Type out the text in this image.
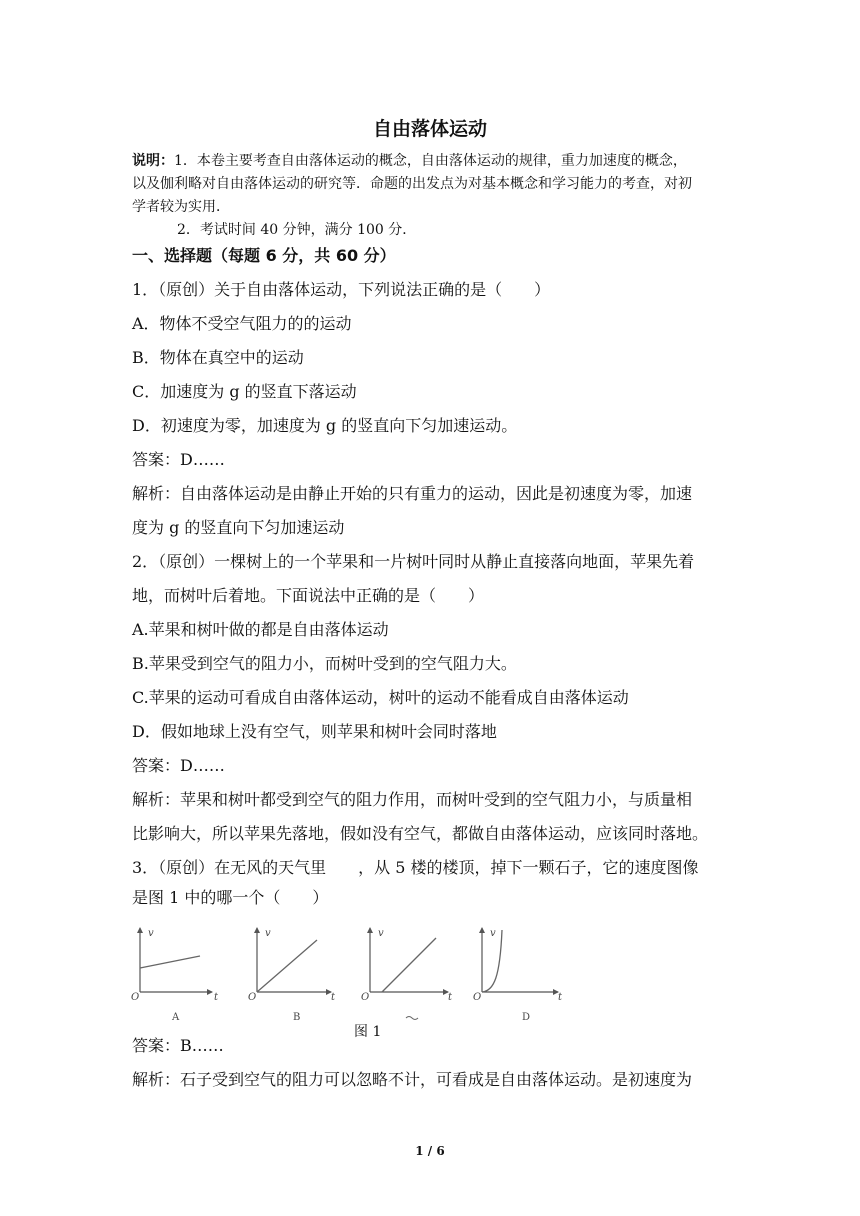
自由落体运动
说明：1．本卷主要考查自由落体运动的概念，自由落体运动的规律，重力加速度的概念，
以及伽利略对自由落体运动的研究等．命题的出发点为对基本概念和学习能力的考查，对初
学者较为实用．
2．考试时间 40 分钟，满分 100 分．
一、选择题（每题 6 分，共 60 分）
1．（原创）关于自由落体运动，下列说法正确的是（　　）
A．物体不受空气阻力的的运动
B．物体在真空中的运动
C．加速度为 g 的竖直下落运动
D．初速度为零，加速度为 g 的竖直向下匀加速运动。
答案：D……
解析：自由落体运动是由静止开始的只有重力的运动，因此是初速度为零，加速
度为 g 的竖直向下匀加速运动
2．（原创）一棵树上的一个苹果和一片树叶同时从静止直接落向地面，苹果先着
地，而树叶后着地。下面说法中正确的是（　　）
A.苹果和树叶做的都是自由落体运动
B.苹果受到空气的阻力小，而树叶受到的空气阻力大。
C.苹果的运动可看成自由落体运动，树叶的运动不能看成自由落体运动
D．假如地球上没有空气，则苹果和树叶会同时落地
答案：D……
解析：苹果和树叶都受到空气的阻力作用，而树叶受到的空气阻力小，与质量相
比影响大，所以苹果先落地，假如没有空气，都做自由落体运动，应该同时落地。
3．（原创）在无风的天气里　　，从 5 楼的楼顶，掉下一颗石子，它的速度图像
是图 1 中的哪一个（　　）
v
O	t
A
v
O	t
B
v
O	t
v
O	t
D
图 1
答案：B……
解析：石子受到空气的阻力可以忽略不计，可看成是自由落体运动。是初速度为
1 / 6
